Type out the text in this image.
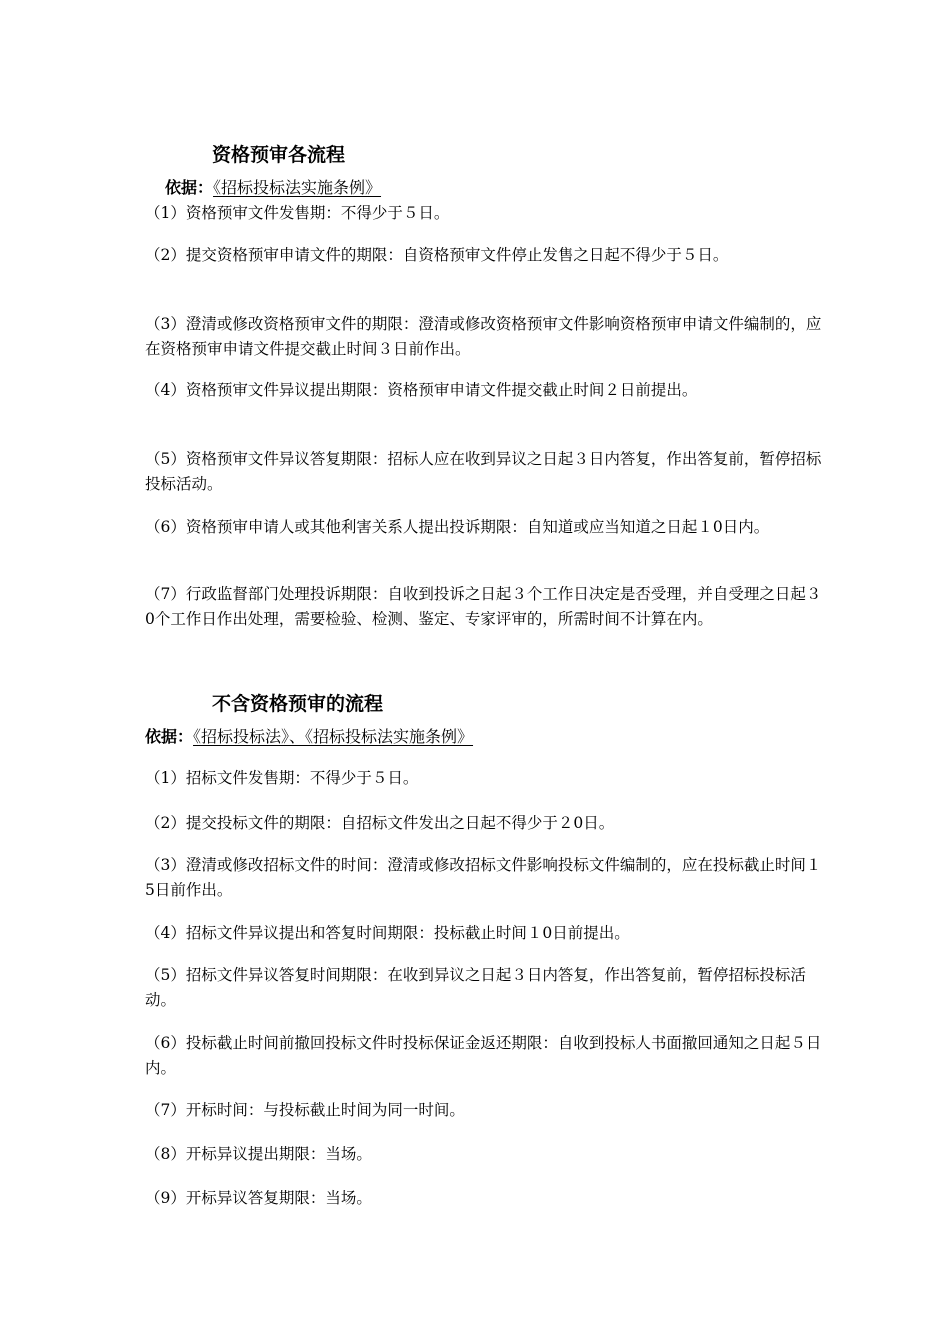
资格预审各流程
依据：《招标投标法实施条例》
（1）资格预审文件发售期：不得少于５日。
（2）提交资格预审申请文件的期限：自资格预审文件停止发售之日起不得少于５日。
（3）澄清或修改资格预审文件的期限：澄清或修改资格预审文件影响资格预审申请文件编制的，应在资格预审申请文件提交截止时间３日前作出。
（4）资格预审文件异议提出期限：资格预审申请文件提交截止时间２日前提出。
（5）资格预审文件异议答复期限：招标人应在收到异议之日起３日内答复，作出答复前，暂停招标投标活动。
（6）资格预审申请人或其他利害关系人提出投诉期限：自知道或应当知道之日起１0日内。
（7）行政监督部门处理投诉期限：自收到投诉之日起３个工作日决定是否受理，并自受理之日起３0个工作日作出处理，需要检验、检测、鉴定、专家评审的，所需时间不计算在内。
不含资格预审的流程
依据：《招标投标法》、《招标投标法实施条例》
（1）招标文件发售期：不得少于５日。
（2）提交投标文件的期限：自招标文件发出之日起不得少于２0日。
（3）澄清或修改招标文件的时间：澄清或修改招标文件影响投标文件编制的，应在投标截止时间１5日前作出。
（4）招标文件异议提出和答复时间期限：投标截止时间１0日前提出。
（5）招标文件异议答复时间期限：在收到异议之日起３日内答复，作出答复前，暂停招标投标活动。
（6）投标截止时间前撤回投标文件时投标保证金返还期限：自收到投标人书面撤回通知之日起５日内。
（7）开标时间：与投标截止时间为同一时间。
（8）开标异议提出期限：当场。
（9）开标异议答复期限：当场。
